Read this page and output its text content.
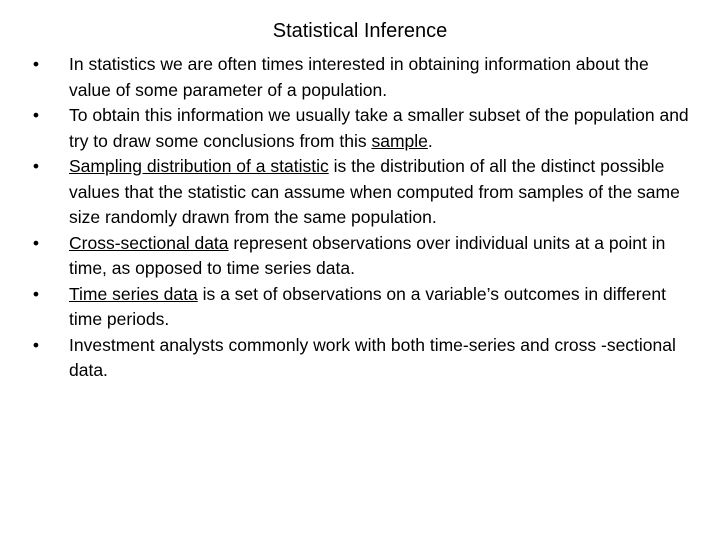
Statistical Inference
• In statistics we are often times interested in obtaining information about the value of some parameter of a population.
• To obtain this information we usually take a smaller subset of the population and try to draw some conclusions from this sample.
• Sampling distribution of a statistic is the distribution of all the distinct possible values that the statistic can assume when computed from samples of the same size randomly drawn from the same population.
• Cross-sectional data represent observations over individual units at a point in time, as opposed to time series data.
• Time series data is a set of observations on a variable’s outcomes in different time periods.
• Investment analysts commonly work with both time-series and cross -sectional data.
